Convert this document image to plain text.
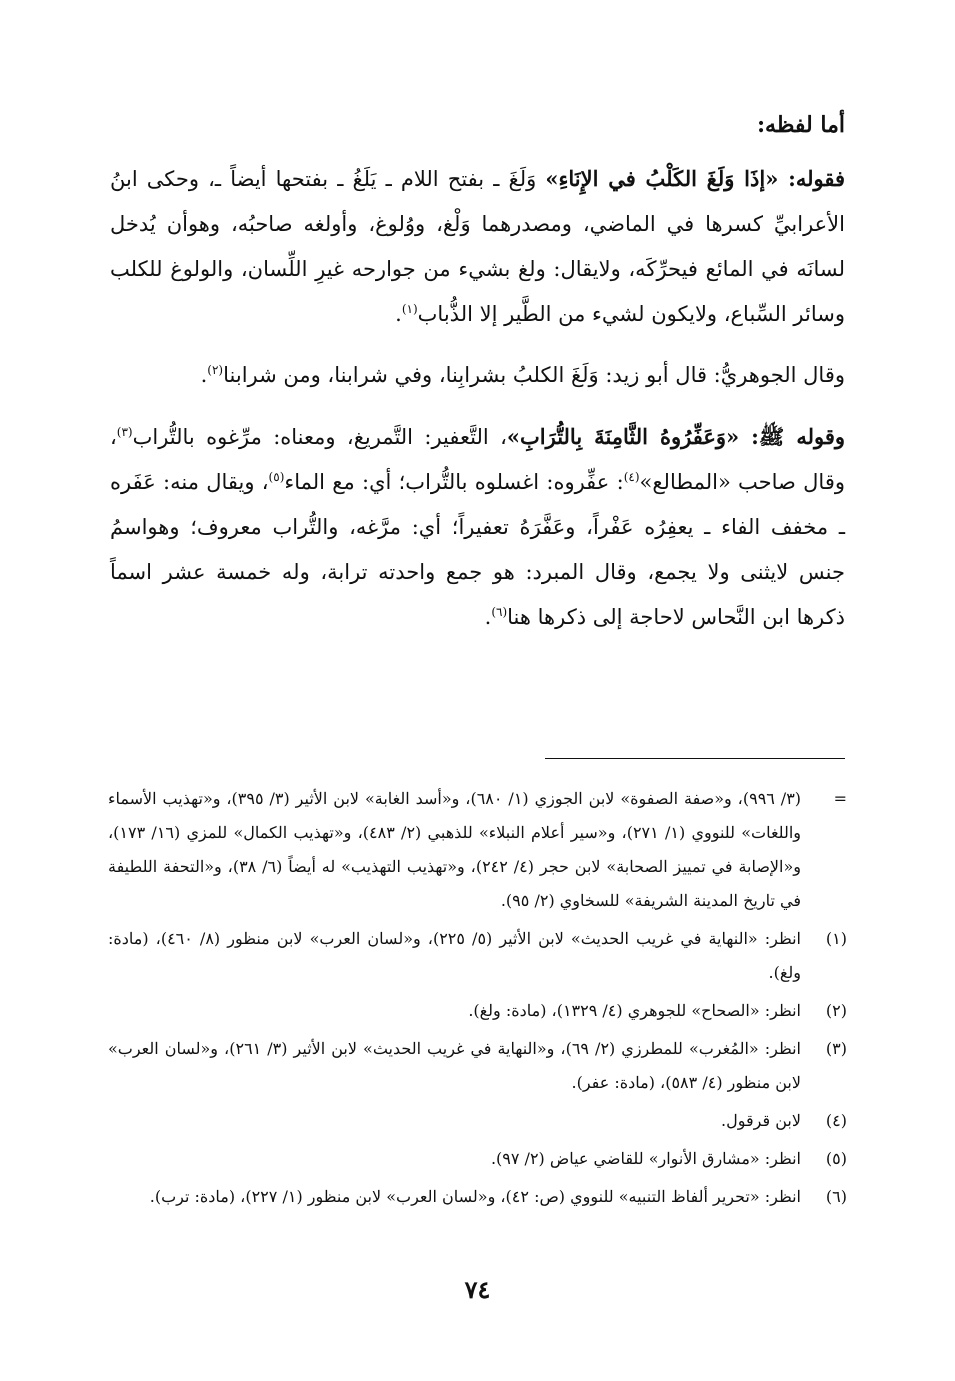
أما لفظه:

فقوله: «إذَا وَلَغَ الكَلْبُ في الإِنَاءِ» وَلَغَ ـ بفتح اللام ـ يَلَغُ ـ بفتحها أيضاً ـ، وحكى ابنُ الأعرابيِّ كسرها في الماضي، ومصدرهما وَلْغ، ووُلوغ، وأولغه صاحبُه، وهوأن يُدخل لسانَه في المائع فيحرِّكَه، ولايقال: ولغ بشيء من جوارحه غيرِ اللِّسان، والولوغ للكلب وسائر السِّباع، ولايكون لشيء من الطَّير إلا الذُّباب$^{(١)}$.

وقال الجوهريُّ: قال أبو زيد: وَلَغَ الكلبُ بشرابِنا، وفي شرابنا، ومن شرابنا$^{(٢)}$.

وقوله ﷺ: «وَعَفِّرُوهُ الثَّامِنَةَ بِالتُّرَابِ»، التَّعفير: التَّمريغ، ومعناه: مرِّغوه بالتُّراب$^{(٣)}$، وقال صاحب «المطالع»$^{(٤)}$: عفِّروه: اغسلوه بالتُّراب؛ أي: مع الماء$^{(٥)}$، ويقال منه: عَفَره ـ مخفف الفاء ـ يعفِرُه عَفْراً، وعَفَّرَهُ تعفيراً؛ أي: مرَّغه، والتُّراب معروف؛ وهواسمُ جنس لايثنى ولا يجمع، وقال المبرد: هو جمع واحدته ترابة، وله خمسة عشر اسماً ذكرها ابن النَّحاس لاحاجة إلى ذكرها هنا$^{(٦)}$.

=
(٣/ ٩٩٦)، و«صفة الصفوة» لابن الجوزي (١/ ٦٨٠)، و«أسد الغابة» لابن الأثير (٣/ ٣٩٥)، و«تهذيب الأسماء واللغات» للنووي (١/ ٢٧١)، و«سير أعلام النبلاء» للذهبي (٢/ ٤٨٣)، و«تهذيب الكمال» للمزي (١٦/ ١٧٣)، و«الإصابة في تمييز الصحابة» لابن حجر (٤/ ٢٤٢)، و«تهذيب التهذيب» له أيضاً (٦/ ٣٨)، و«التحفة اللطيفة في تاريخ المدينة الشريفة» للسخاوي (٢/ ٩٥).
(١)
انظر: «النهاية في غريب الحديث» لابن الأثير (٥/ ٢٢٥)، و«لسان العرب» لابن منظور (٨/ ٤٦٠)، (مادة: ولغ).
(٢)
انظر: «الصحاح» للجوهري (٤/ ١٣٢٩)، (مادة: ولغ).
(٣)
انظر: «المُغرب» للمطرزي (٢/ ٦٩)، و«النهاية في غريب الحديث» لابن الأثير (٣/ ٢٦١)، و«لسان العرب» لابن منظور (٤/ ٥٨٣)، (مادة: عفر).
(٤)
لابن قرقول.
(٥)
انظر: «مشارق الأنوار» للقاضي عياض (٢/ ٩٧).
(٦)
انظر: «تحرير ألفاظ التنبيه» للنووي (ص: ٤٢)، و«لسان العرب» لابن منظور (١/ ٢٢٧)، (مادة: ترب).
٧٤
